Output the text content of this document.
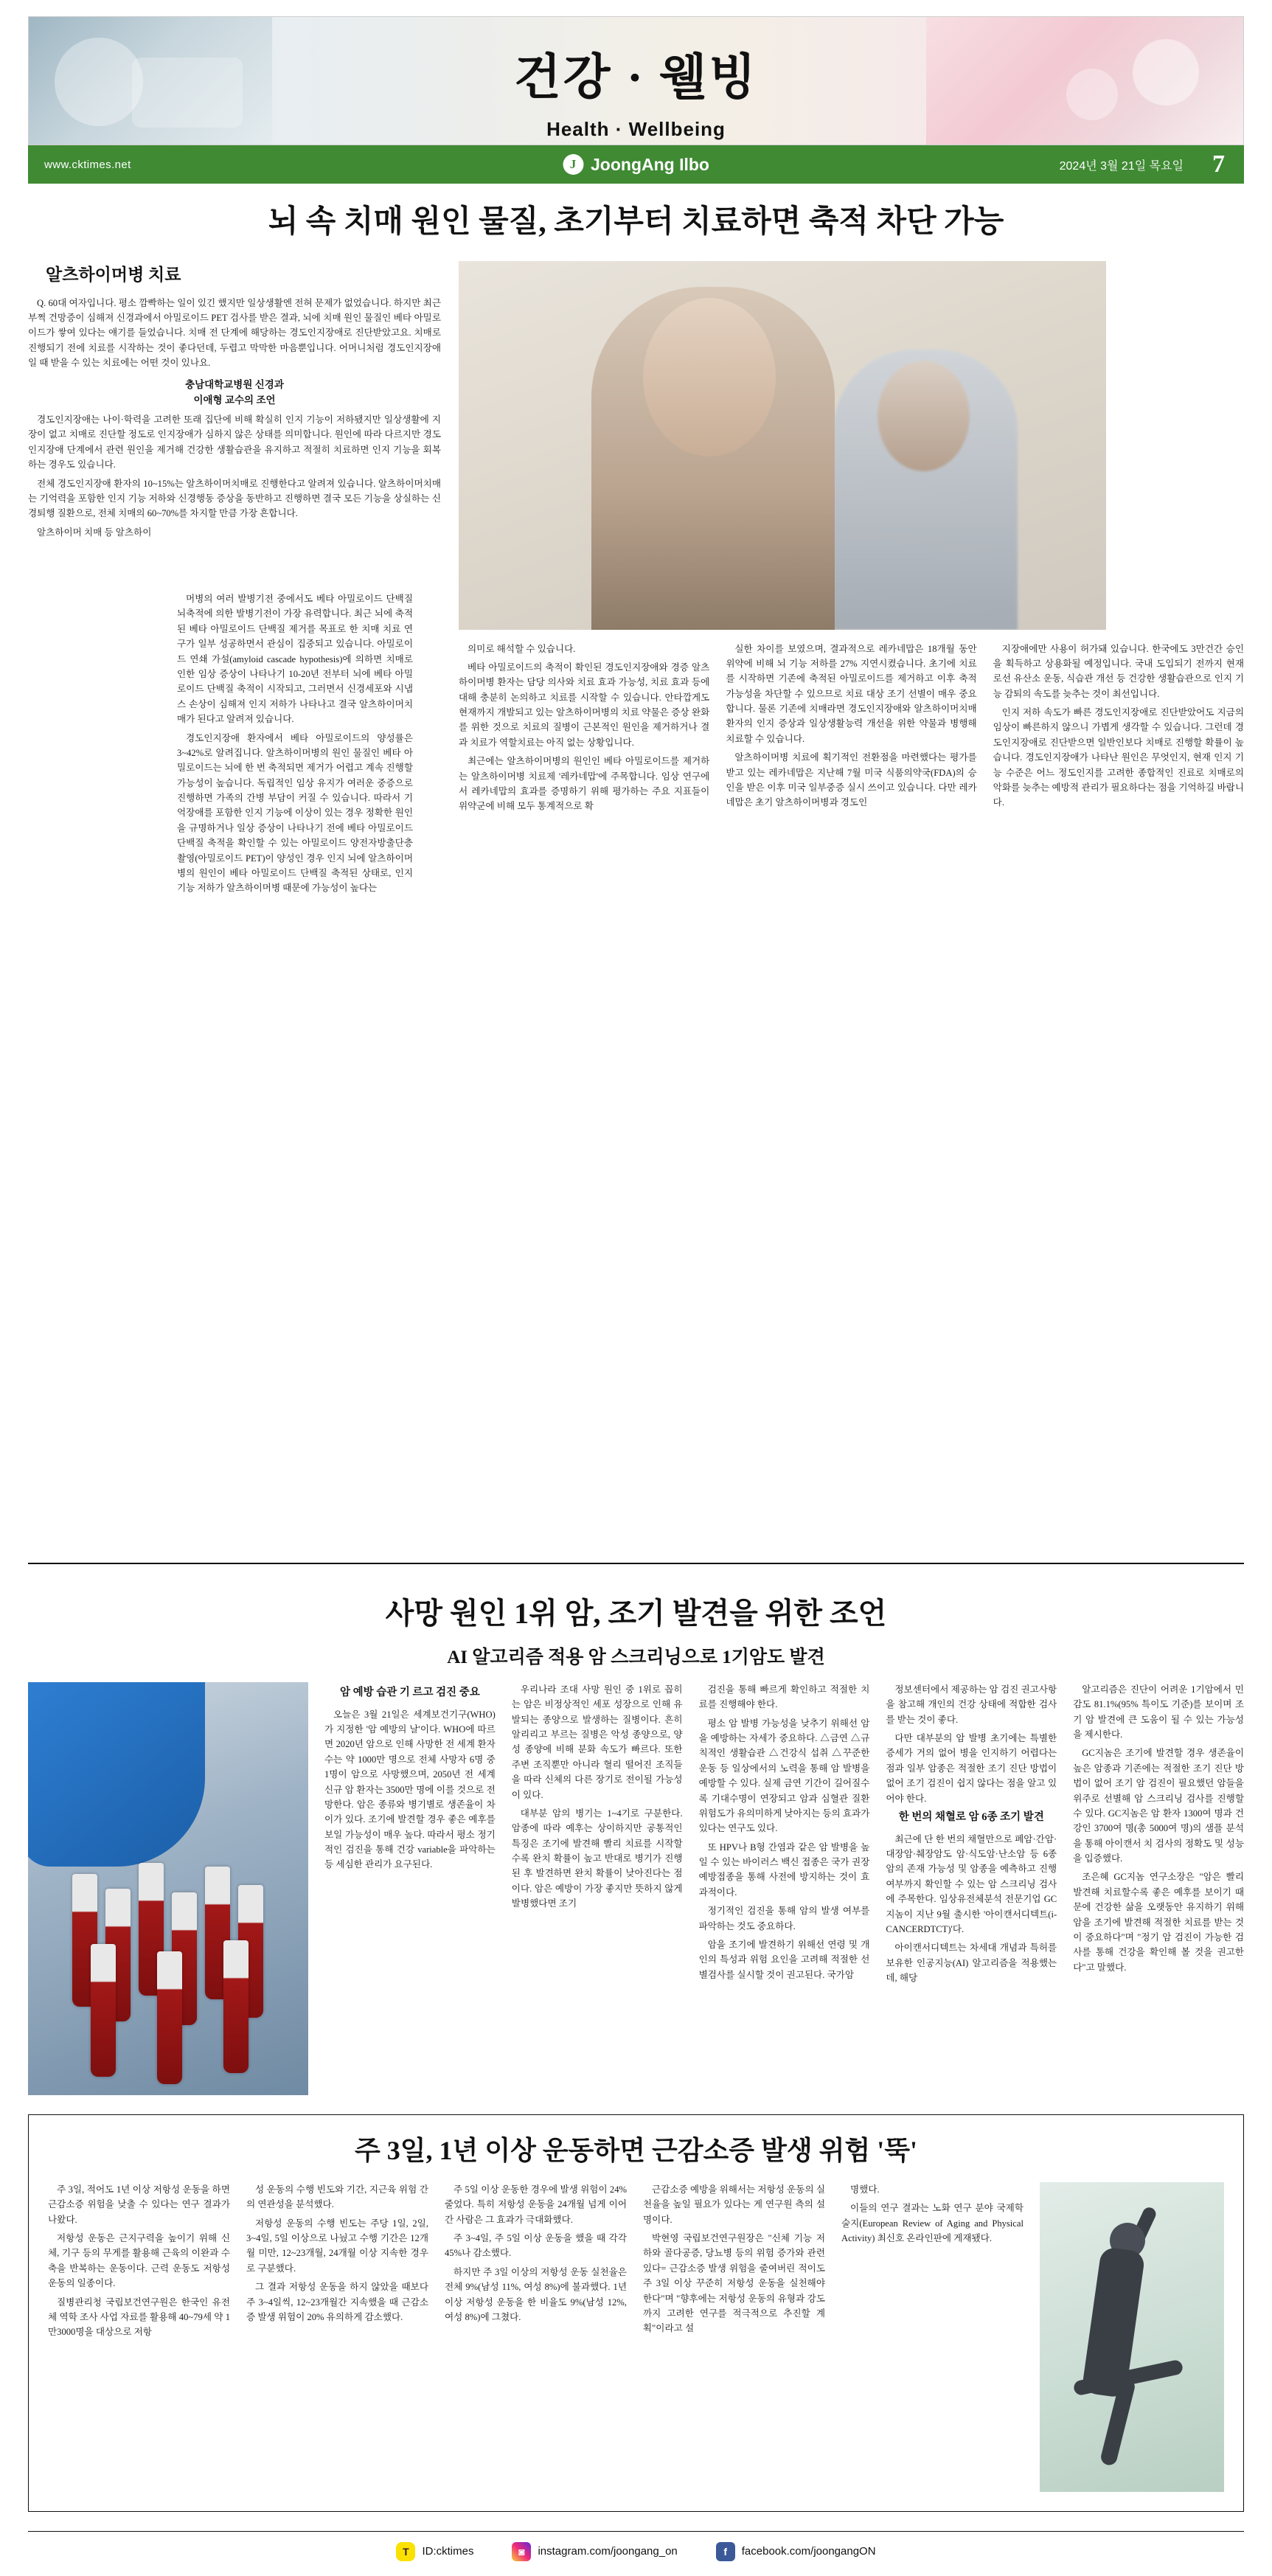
건강 · 웰빙
Health · Wellbeing
www.cktimes.net	J JoongAng Ilbo	2024년 3월 21일 목요일 7
뇌 속 치매 원인 물질, 초기부터 치료하면 축적 차단 가능
알츠하이머병 치료

Q. 60대 여자입니다. 평소 깜빡하는 일이 있긴 했지만 일상생활엔 전혀 문제가 없었습니다. 하지만 최근 부쩍 건망증이 심해져 신경과에서 아밀로이드 PET 검사를 받은 결과, 뇌에 치매 원인 물질인 베타 아밀로이드가 쌓여 있다는 얘기를 들었습니다. 치매 전 단계에 해당하는 경도인지장애로 진단받았고요. 치매로 진행되기 전에 치료를 시작하는 것이 좋다던데, 두렵고 막막한 마음뿐입니다. 어머니처럼 경도인지장애일 때 받을 수 있는 치료에는 어떤 것이 있나요.

충남대학교병원 신경과
이애형 교수의 조언

경도인지장애는 나이·학력을 고려한 또래 집단에 비해 확실히 인지 기능이 저하됐지만 일상생활에 지장이 없고 치매로 진단할 정도로 인지장애가 심하지 않은 상태를 의미합니다. 원인에 따라 다르지만 경도인지장애 단계에서 관련 원인을 제거해 건강한 생활습관을 유지하고 적절히 치료하면 인지 기능을 회복하는 경우도 있습니다.

전체 경도인지장애 환자의 10~15%는 알츠하이머치매로 진행한다고 알려져 있습니다. 알츠하이머치매는 기억력을 포함한 인지 기능 저하와 신경행동 증상을 동반하고 진행하면 결국 모든 기능을 상실하는 신경퇴행 질환으로, 전체 치매의 60~70%를 차지할 만큼 가장 흔합니다.

알츠하이머 치매 등 알츠하이

의미로 해석할 수 있습니다.

베타 아밀로이드의 축적이 확인된 경도인지장애와 경증 알츠하이머병 환자는 담당 의사와 치료 효과 가능성, 치료 효과 등에 대해 충분히 논의하고 치료를 시작할 수 있습니다. 안타깝게도 현재까지 개발되고 있는 알츠하이머병의 치료 약물은 증상 완화를 위한 것으로 치료의 질병이 근본적인 원인을 제거하거나 결과 치료가 역할치료는 아직 없는 상황입니다.

최근에는 알츠하이머병의 원인인 베타 아밀로이드를 제거하는 알츠하이머병 치료제 '레카네맙'에 주목합니다. 임상 연구에서 레카네맙의 효과를 증명하기 위해 평가하는 주요 지표들이 위약군에 비해 모두 통계적으로 확

실한 차이를 보였으며, 결과적으로 레카네맙은 18개월 동안 위약에 비해 뇌 기능 저하를 27% 지연시켰습니다. 초기에 치료를 시작하면 기존에 축적된 아밀로이드를 제거하고 이후 축적 가능성을 차단할 수 있으므로 치료 대상 조기 선별이 매우 중요합니다. 물론 기존에 치매라면 경도인지장애와 알츠하이머치매 환자의 인지 증상과 일상생활능력 개선을 위한 약물과 병행해 치료할 수 있습니다.

알츠하이머병 치료에 획기적인 전환점을 마련했다는 평가를 받고 있는 레카네맙은 지난해 7월 미국 식품의약국(FDA)의 승인을 받은 이후 미국 일부중증 실시 쓰이고 있습니다. 다만 레카네맙은 초기 알츠하이머병과 경도인

지장애에만 사용이 허가돼 있습니다. 한국에도 3만건간 승인을 획득하고 상용화될 예정입니다. 국내 도입되기 전까지 현재로선 유산소 운동, 식습관 개선 등 건강한 생활습관으로 인지 기능 감퇴의 속도를 늦추는 것이 최선입니다.

인지 저하 속도가 빠른 경도인지장애로 진단받았어도 지금의 임상이 빠른하지 않으니 가볍게 생각할 수 있습니다. 그런데 경도인지장애로 진단받으면 일반인보다 치매로 진행할 확률이 높습니다. 경도인지장애가 나타난 원인은 무엇인지, 현재 인지 기능 수준은 어느 정도인지를 고려한 종합적인 진료로 치매로의 악화를 늦추는 예방적 관리가 필요하다는 점을 기억하길 바랍니다.

머병의 여러 발병기전 중에서도 베타 아밀로이드 단백질 뇌축적에 의한 발병기전이 가장 유력합니다. 최근 뇌에 축적된 베타 아밀로이드 단백질 제거를 목표로 한 치매 치료 연구가 일부 성공하면서 관심이 집중되고 있습니다. 아밀로이드 연쇄 가설(amyloid cascade hypothesis)에 의하면 치매로 인한 임상 증상이 나타나기 10-20년 전부터 뇌에 베타 아밀로이드 단백질 축적이 시작되고, 그러면서 신경세포와 시냅스 손상이 심해져 인지 저하가 나타나고 결국 알츠하이머치매가 된다고 알려져 있습니다.

경도인지장애 환자에서 베타 아밀로이드의 양성률은 3~42%로 알려집니다. 알츠하이머병의 원인 물질인 베타 아밀로이드는 뇌에 한 번 축적되면 제거가 어렵고 계속 진행할 가능성이 높습니다. 독립적인 임상 유지가 여러운 중증으로 진행하면 가족의 간병 부담이 커질 수 있습니다. 따라서 기억장애를 포함한 인지 기능에 이상이 있는 경우 정확한 원인을 규명하거나 일상 증상이 나타나기 전에 베타 아밀로이드 단백질 축적을 확인할 수 있는 아밀로이드 양전자방출단층촬영(아밀로이드 PET)이 양성인 경우 인지 뇌에 알츠하이머병의 원인이 베타 아밀로이드 단백질 축적된 상태로, 인지 기능 저하가 알츠하이머병 때문에 가능성이 높다는

사망 원인 1위 암, 조기 발견을 위한 조언
AI 알고리즘 적용 암 스크리닝으로 1기암도 발견
암 예방 습관 기 르고 검진 중요

오늘은 3월 21일은 세계보건기구(WHO)가 지정한 '암 예방의 날'이다. WHO에 따르면 2020년 암으로 인해 사망한 전 세계 환자 수는 약 1000만 명으로 전체 사망자 6명 중 1명이 암으로 사망했으며, 2050년 전 세계 신규 암 환자는 3500만 명에 이를 것으로 전망한다. 암은 종류와 병기별로 생존율이 차이가 있다. 조기에 발견할 경우 좋은 예후를 보일 가능성이 매우 높다. 따라서 평소 정기적인 검진을 통해 건강 variable을 파악하는 등 세심한 관리가 요구된다.

우리나라 조대 사망 원인 중 1위로 꼽히는 암은 비정상적인 세포 성장으로 인해 유발되는 종양으로 발생하는 질병이다. 흔히 알리리고 부르는 질병은 악성 종양으로, 양성 종양에 비해 분화 속도가 빠르다. 또한 주변 조직뿐만 아니라 혈리 떨어진 조직들을 따라 신체의 다른 장기로 전이될 가능성이 있다.

대부분 암의 병기는 1~4기로 구분한다. 암종에 따라 예후는 상이하지만 공통적인 특징은 조기에 발견해 빨리 치료를 시작할수록 완치 확률이 높고 반대로 병기가 진행된 후 발견하면 완치 확률이 낮아진다는 점이다. 암은 예방이 가장 좋지만 뜻하지 않게 발병했다면 조기

검진을 통해 빠르게 확인하고 적절한 치료를 진행해야 한다.

평소 암 발병 가능성을 낮추기 위해선 암을 예방하는 자세가 중요하다. △금연 △규칙적인 생활습관 △건강식 섭취 △꾸준한 운동 등 일상에서의 노력을 통해 암 발병을 예방할 수 있다. 실제 금연 기간이 길어질수록 기대수명이 연장되고 암과 심혈관 질환 위험도가 유의미하게 낮아지는 등의 효과가 있다는 연구도 있다.

또 HPV나 B형 간염과 같은 암 발병을 높일 수 있는 바이러스 백신 접종은 국가 권장 예방접종을 통해 사전에 방지하는 것이 효과적이다.

정기적인 검진을 통해 암의 발생 여부를 파악하는 것도 중요하다.

암을 조기에 발견하기 위해선 연령 및 개인의 특성과 위험 요인을 고려해 적절한 선별검사를 실시할 것이 권고된다. 국가암

정보센터에서 제공하는 암 검진 권고사항을 참고해 개인의 건강 상태에 적합한 검사를 받는 것이 좋다.

다만 대부분의 암 발병 초기에는 특별한 증세가 거의 없어 병을 인지하기 어렵다는 점과 일부 암종은 적절한 조기 진단 방법이 없어 조기 검진이 쉽지 않다는 점을 알고 있어야 한다.

한 번의 채혈로 암 6종 조기 발견

최근에 단 한 번의 채혈만으로 폐암·간암·대장암·췌장암도 암·식도암·난소암 등 6종 암의 존재 가능성 및 암종을 예측하고 진행 여부까지 확인할 수 있는 암 스크리닝 검사에 주목한다. 임상유전체분석 전문기업 GC지놈이 지난 9월 출시한 '아이캔서디텍트(i-CANCERDTCT)'다.

아이캔서디텍트는 차세대 개념과 특허를 보유한 인공지능(AI) 알고리즘을 적용했는데, 해당

알고리즘은 진단이 어려운 1기암에서 민감도 81.1%(95% 특이도 기준)를 보이며 조기 암 발견에 큰 도움이 될 수 있는 가능성을 제시한다.

GC지놈은 조기에 발견할 경우 생존율이 높은 암종과 기존에는 적절한 조기 진단 방법이 없어 조기 암 검진이 필요했던 암들을 위주로 선별해 암 스크리닝 검사를 진행할 수 있다. GC지놈은 암 환자 1300여 명과 건강인 3700여 명(총 5000여 명)의 샘플 분석을 통해 아이캔서 치 검사의 정확도 및 성능을 입증했다.

조은혜 GC지놈 연구소장은 "암은 빨리 발견해 치료할수록 좋은 예후를 보이기 때문에 건강한 삶을 오랫동안 유지하기 위해 암을 조기에 발견해 적절한 치료를 받는 것이 중요하다"며 "정기 암 검진이 가능한 검사를 통해 건강을 확인해 볼 것을 권고한다"고 말했다.

주 3일, 1년 이상 운동하면 근감소증 발생 위험 '뚝'

주 3일, 적어도 1년 이상 저항성 운동을 하면 근감소증 위험을 낮출 수 있다는 연구 결과가 나왔다.

저항성 운동은 근지구력을 높이기 위해 신체, 기구 등의 무게를 활용해 근육의 이완과 수축을 반복하는 운동이다. 근력 운동도 저항성 운동의 일종이다.

질병관리청 국립보건연구원은 한국인 유전체 역학 조사 사업 자료를 활용해 40~79세 약 1만3000명을 대상으로 저항

성 운동의 수행 빈도와 기간, 지근육 위험 간의 연관성을 분석했다.

저항성 운동의 수행 빈도는 주당 1일, 2일, 3~4일, 5일 이상으로 나눴고 수행 기간은 12개월 미만, 12~23개월, 24개월 이상 지속한 경우로 구분했다.

그 결과 저항성 운동을 하지 않았을 때보다 주 3~4일씩, 12~23개월간 지속했을 때 근감소증 발생 위험이 20% 유의하게 감소했다.

주 5일 이상 운동한 경우에 발생 위험이 24% 줄었다. 특히 저항성 운동을 24개월 넘게 이어간 사람은 그 효과가 극대화했다.

주 3~4일, 주 5일 이상 운동을 했을 때 각각 45%나 감소했다.

하지만 주 3일 이상의 저항성 운동 실천율은 전체 9%(남성 11%, 여성 8%)에 불과했다. 1년 이상 저항성 운동을 한 비율도 9%(남성 12%, 여성 8%)에 그쳤다.

근감소증 예방을 위해서는 저항성 운동의 실천율을 높일 필요가 있다는 게 연구원 측의 설명이다.

박현영 국립보건연구원장은 "신체 기능 저하와 골다공증, 당뇨병 등의 위험 증가와 관련 있다= 근감소증 발생 위험을 줄여버린 적이도 주 3일 이상 꾸준히 저항성 운동을 실천해야 한다"며 "향후에는 저항성 운동의 유형과 강도까지 고려한 연구를 적극적으로 추진할 계획"이라고 설

명했다.

이들의 연구 결과는 노화 연구 분야 국제학술지(European Review of Aging and Physical Activity) 최신호 온라인판에 게재됐다.

T	ID:cktimes	◙	instagram.com/joongang_on	f	facebook.com/joongangON
